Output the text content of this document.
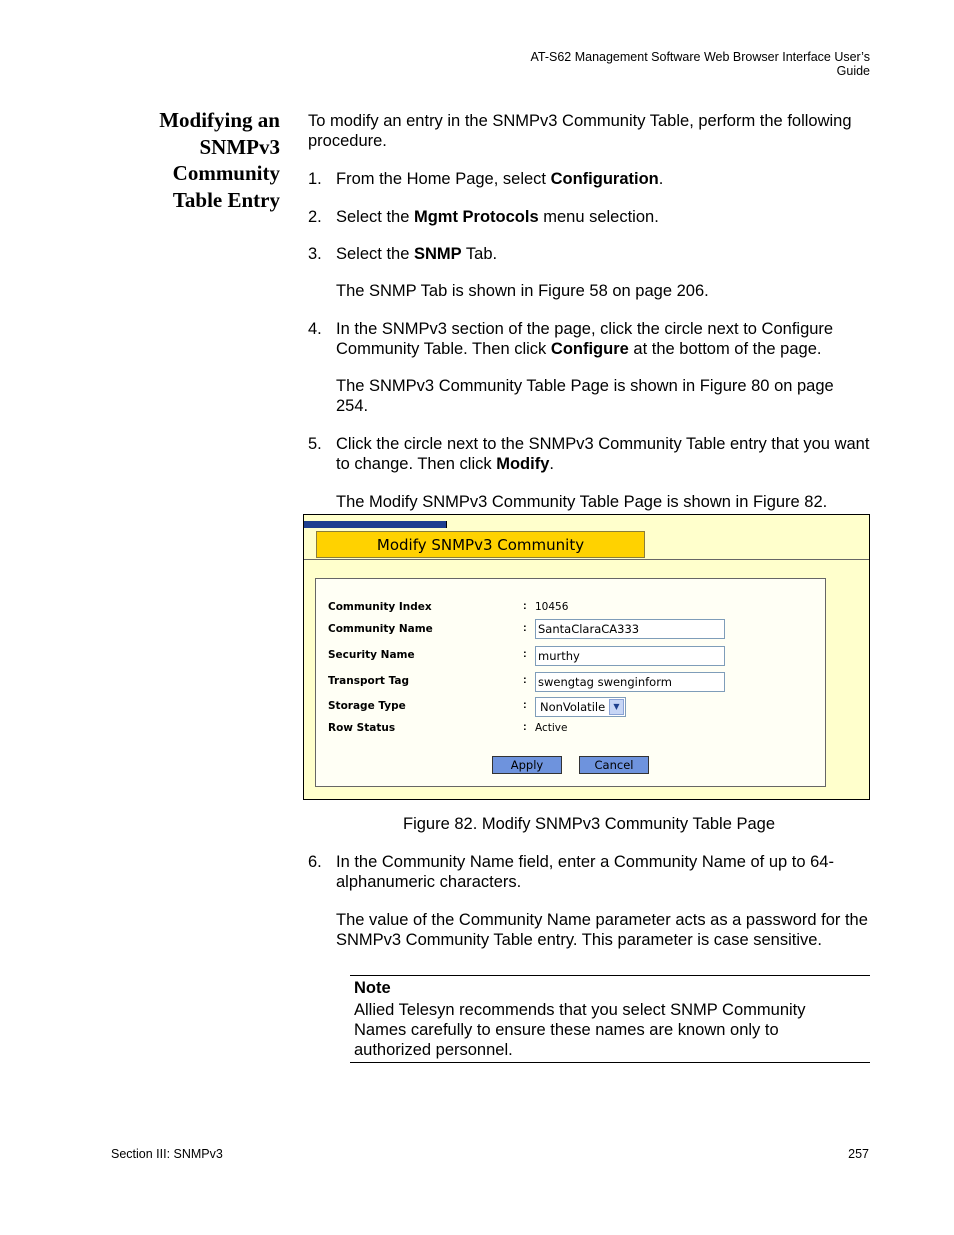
AT-S62 Management Software Web Browser Interface User’s Guide
Modifying an
SNMPv3
Community
Table Entry
To modify an entry in the SNMPv3 Community Table, perform the following procedure.
1. From the Home Page, select Configuration.
2. Select the Mgmt Protocols menu selection.
3. Select the SNMP Tab.
The SNMP Tab is shown in Figure 58 on page 206.
4. In the SNMPv3 section of the page, click the circle next to Configure Community Table. Then click Configure at the bottom of the page.
The SNMPv3 Community Table Page is shown in Figure 80 on page 254.
5. Click the circle next to the SNMPv3 Community Table entry that you want to change. Then click Modify.
The Modify SNMPv3 Community Table Page is shown in Figure 82.
Modify SNMPv3 Community
Community Index	: 10456
Community Name	: SantaClaraCA333
Security Name	: murthy
Transport Tag	: swengtag swenginform
Storage Type	:	NonVolatile	▼
Row Status	: Active
Apply	Cancel
Figure 82. Modify SNMPv3 Community Table Page
6. In the Community Name field, enter a Community Name of up to 64-alphanumeric characters.
The value of the Community Name parameter acts as a password for the SNMPv3 Community Table entry. This parameter is case sensitive.
Note
Allied Telesyn recommends that you select SNMP Community Names carefully to ensure these names are known only to authorized personnel.
Section III: SNMPv3	257
